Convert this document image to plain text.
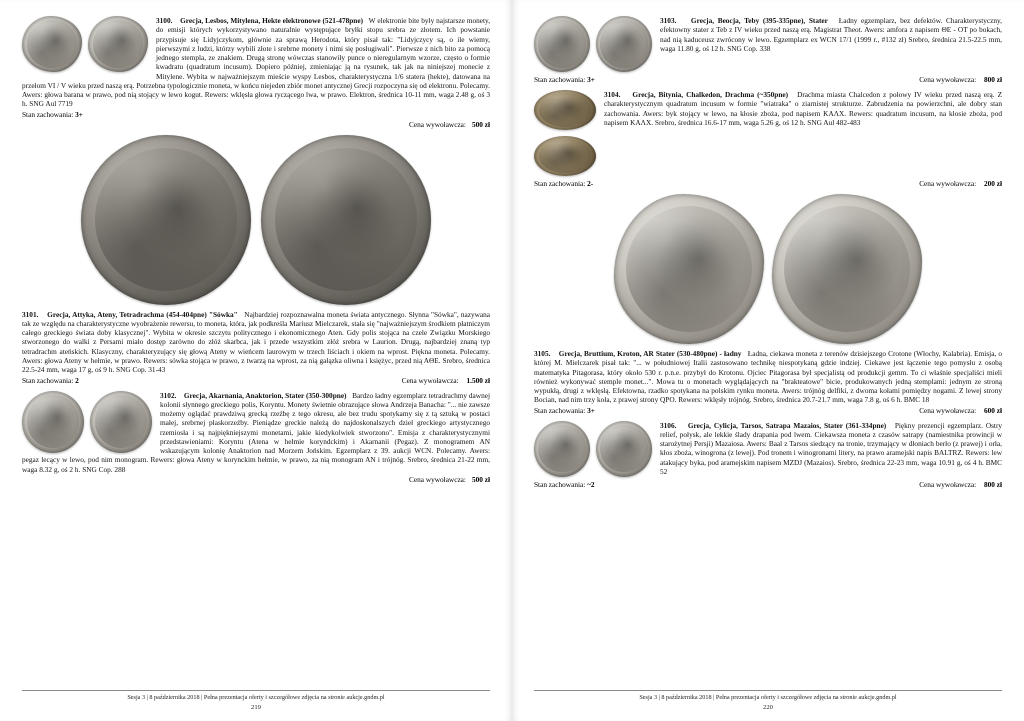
3100. Grecja, Lesbos, Mitylena, Hekte elektronowe (521-478pne) W elektronie bite były najstarsze monety, do emisji których wykorzystywano naturalnie występujące bryłki stopu srebra ze złotem. Ich powstanie przypisuje się Lidyjczykom, głównie za sprawą Herodota, który pisał tak: "Lidyjczycy są, o ile wiemy, pierwszymi z ludzi, którzy wybili złote i srebrne monety i nimi się posługiwali". Pierwsze z nich bito za pomocą jednego stempla, ze znakiem. Drugą stronę wówczas stanowiły punce o nieregularnym wzorze, często o formie kwadratu (quadratum incusum). Dopiero później, zmieniając ją na rysunek, tak jak na niniejszej monecie z Mitylene. Wybita w najważniejszym mieście wyspy Lesbos, charakterystyczna 1/6 statera (hekte), datowana na przełom VI / V wieku przed naszą erą. Potrzebna typologicznie moneta, w końcu niejeden zbiór monet antycznej Grecji rozpoczyna się od elektronu. Polecamy. Awers: głowa barana w prawo, pod nią stojący w lewo kogut. Rewers: wklęsła głowa ryczącego lwa, w prawo. Elektron, średnica 10-11 mm, waga 2.48 g, oś 3 h. SNG Aul 7719
Stan zachowania: 3+
Cena wywoławcza: 500 zł
3101. Grecja, Attyka, Ateny, Tetradrachma (454-404pne) "Sówka" Najbardziej rozpoznawalna moneta świata antycznego. Słynna "Sówka", nazywana tak ze względu na charakterystyczne wyobrażenie rewersu, to moneta, która, jak podkreśla Mariusz Mielczarek, stała się "najważniejszym środkiem płatniczym całego greckiego świata doby klasycznej". Wybita w okresie szczytu politycznego i ekonomicznego Aten. Gdy polis stojąca na czele Związku Morskiego stworzonego do walki z Persami miało dostęp zarówno do złóż skarbca, jak i przede wszystkim złóż srebra w Laurion. Drugą, najbardziej znaną typ tetradrachm ateńskich. Klasyczny, charakteryzujący się głową Ateny w wieńcem laurowym w trzech liściach i okiem na wprost. Piękna moneta. Polecamy. Awers: głowa Ateny w hełmie, w prawo. Rewers: sówka stojąca w prawo, z twarzą na wprost, za nią gałązka oliwna i księżyc, przed nią AΘE. Srebro, średnica 22.5-24 mm, waga 17 g, oś 9 h. SNG Cop. 31-43
Stan zachowania: 2	Cena wywoławcza: 1.500 zł
3102. Grecja, Akarnania, Anaktorion, Stater (350-300pne) Bardzo ładny egzemplarz tetradrachmy dawnej kolonii słynnego greckiego polis, Koryntu. Monety świetnie obrazujące słowa Andrzeja Banacha: "... nie zawsze możemy oglądać prawdziwą grecką rzeźbę z tego okresu, ale bez trudu spotykamy się z tą sztuką w postaci małej, srebrnej płaskorzeźby. Pieniądze greckie należą do najdoskonalszych dzieł greckiego artystycznego rzemiosła i są najpiękniejszymi monetami, jakie kiedykolwiek stworzono". Emisja z charakterystycznymi przedstawieniami: Koryntu (Atena w hełmie koryndckim) i Akarnanii (Pegaz). Z monogramem AN wskazującym kolonię Anaktorion nad Morzem Jońskim. Egzemplarz z 39. aukcji WCN. Polecamy. Awers: pegaz lecący w lewo, pod nim monogram. Rewers: głowa Ateny w korynckim hełmie, w prawo, za nią monogram AN i trójnóg. Srebro, średnica 21-22 mm, waga 8.32 g, oś 2 h. SNG Cop. 288
Cena wywoławcza: 500 zł
Sesja 3 | 8 października 2018 | Pełna prezentacja oferty i szczegółowe zdjęcia na stronie aukcje.gndm.pl
219
3103. Grecja, Beocja, Teby (395-335pne), Stater Ładny egzemplarz, bez defektów. Charakterystyczny, efektowny stater z Teb z IV wieku przed naszą erą. Magistrat Theot. Awers: amfora z napisem ΘE - OT po bokach, nad nią kaduceusz zwrócony w lewo. Egzemplarz ex WCN 17/1 (1999 r., #132 zł) Srebro, średnica 21.5-22.5 mm, waga 11.80 g, oś 12 h. SNG Cop. 338
Stan zachowania: 3+	Cena wywoławcza: 800 zł
3104. Grecja, Bitynia, Chalkedon, Drachma (~350pne) Drachma miasta Chalcedon z połowy IV wieku przed naszą erą. Z charakterystycznym quadratum incusum w formie "wiatraka" o ziarnistej strukturze. Zabrudzenia na powierzchni, ale dobry stan zachowania. Awers: byk stojący w lewo, na kłosie zboża, pod napisem KAΛX. Rewers: quadratum incusum, na kłosie zboża, pod napisem KAΛX. Srebro, średnica 16.6-17 mm, waga 5.26 g, oś 12 h. SNG Aul 482-483
Stan zachowania: 2-	Cena wywoławcza: 200 zł
3105. Grecja, Bruttium, Kroton, AR Stater (530-480pne) - ładny Ładna, ciekawa moneta z terenów dzisiejszego Crotone (Włochy, Kalabria). Emisja, o której M. Mielczarek pisał tak: "... w południowej Italii zastosowano technikę niespotykaną gdzie indziej. Ciekawe jest łączenie tego pomysłu z osobą matematyka Pitagorasa, który około 530 r. p.n.e. przybył do Krotonu. Ojciec Pitagorasa był specjalistą od produkcji gemm. To ci właśnie specjaliści mieli również wykonywać stemple monet...". Mowa tu o monetach wyglądających na "brakteatowe" bicie, produkowanych jedną stemplami: jednym ze stroną wypukłą, drugi z wklęsłą. Efektowna, rzadko spotykana na polskim rynku moneta. Awers: trójnóg delfiki, z dwoma kołami pomiędzy nogami. Z lewej strony Bocian, nad nim trzy koła, z prawej strony QPO. Rewers: wklęsły trójnóg. Srebro, średnica 20.7-21.7 mm, waga 7.8 g, oś 6 h. BMC 18
Stan zachowania: 3+	Cena wywoławcza: 600 zł
3106. Grecja, Cylicja, Tarsos, Satrapa Mazaios, Stater (361-334pne) Piękny prezencji egzemplarz. Ostry relief, połysk, ale lekkie ślady drapania pod lwem. Ciekawsza moneta z czasów satrapy (namiestnika prowincji w starożytnej Persji) Mazaiosa. Awers: Baal z Tarsos siedzący na tronie, trzymający w dłoniach berło (z prawej) i orła, kłos zboża, winogrona (z lewej). Pod tronem i winogronami litery, na prawo aramejski napis BALTRZ. Rewers: lew atakujący byka, pod aramejskim napisem MZDJ (Mazaios). Srebro, średnica 22-23 mm, waga 10.91 g, oś 4 h. BMC 52
Stan zachowania: ~2	Cena wywoławcza: 800 zł
Sesja 3 | 8 października 2018 | Pełna prezentacja oferty i szczegółowe zdjęcia na stronie aukcje.gndm.pl
220
